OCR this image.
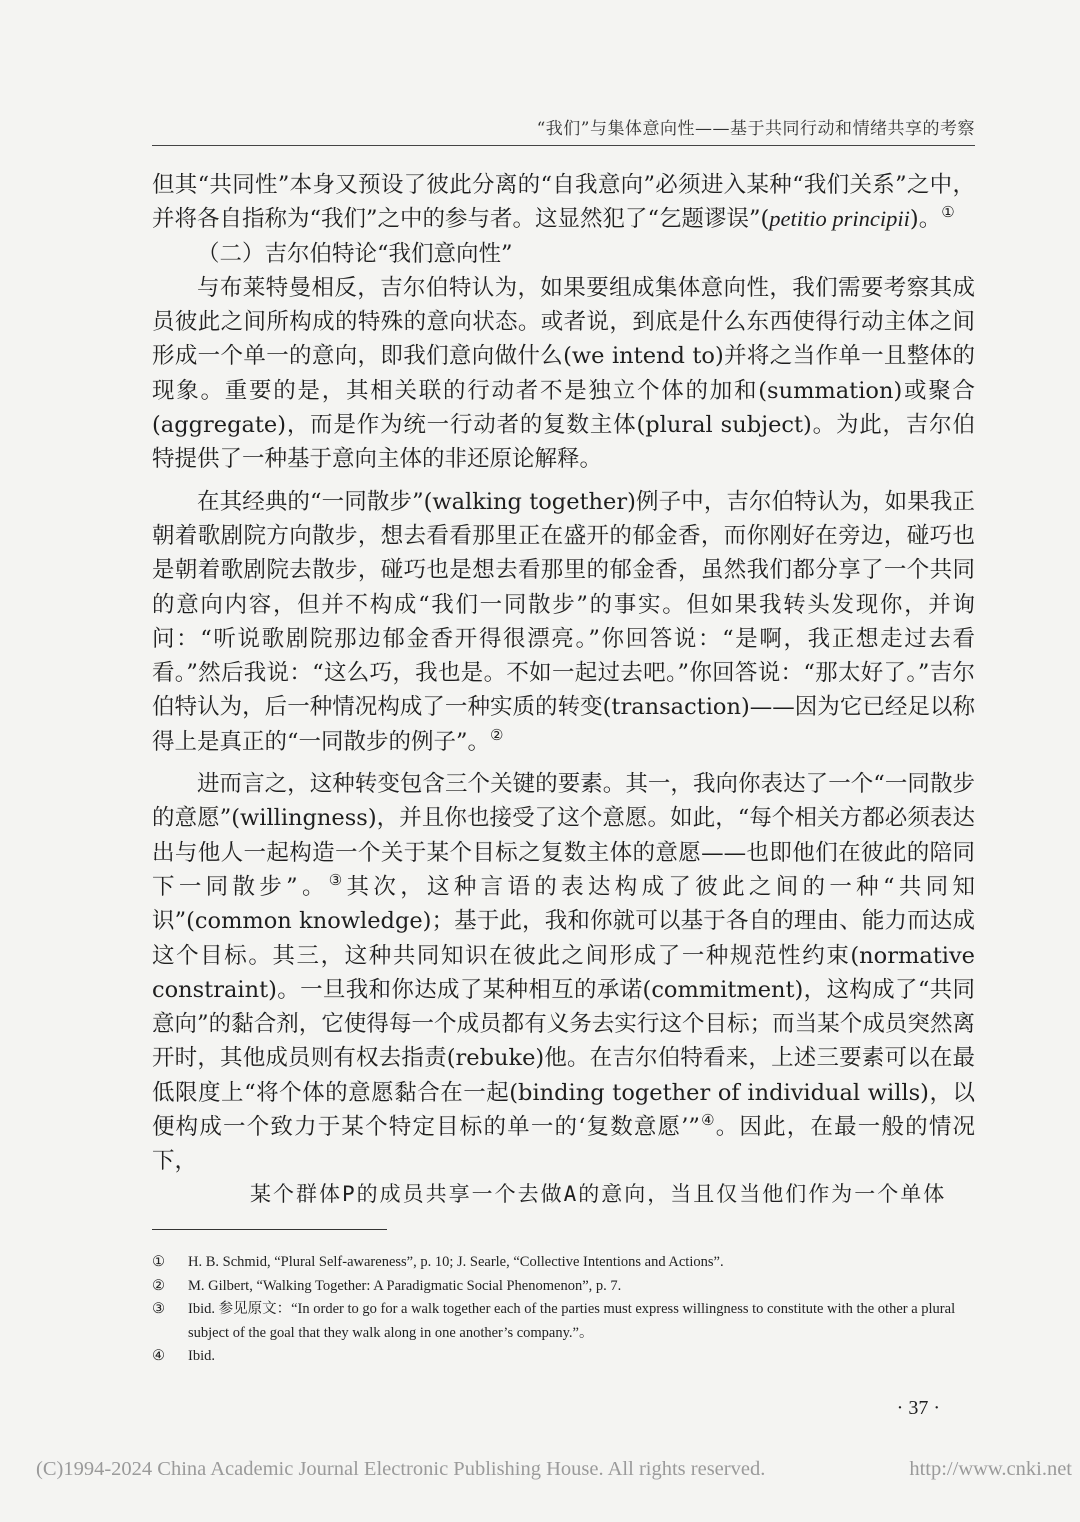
“我们”与集体意向性——基于共同行动和情绪共享的考察

但其“共同性”本身又预设了彼此分离的“自我意向”必须进入某种“我们关系”之中，并将各自指称为“我们”之中的参与者。这显然犯了“乞题谬误”(petitio principii)。①

（二）吉尔伯特论“我们意向性”

与布莱特曼相反，吉尔伯特认为，如果要组成集体意向性，我们需要考察其成员彼此之间所构成的特殊的意向状态。或者说，到底是什么东西使得行动主体之间形成一个单一的意向，即我们意向做什么(we intend to)并将之当作单一且整体的现象。重要的是，其相关联的行动者不是独立个体的加和(summation)或聚合(aggregate)，而是作为统一行动者的复数主体(plural subject)。为此，吉尔伯特提供了一种基于意向主体的非还原论解释。

在其经典的“一同散步”(walking together)例子中，吉尔伯特认为，如果我正朝着歌剧院方向散步，想去看看那里正在盛开的郁金香，而你刚好在旁边，碰巧也是朝着歌剧院去散步，碰巧也是想去看那里的郁金香，虽然我们都分享了一个共同的意向内容，但并不构成“我们一同散步”的事实。但如果我转头发现你，并询问：“听说歌剧院那边郁金香开得很漂亮。”你回答说：“是啊，我正想走过去看看。”然后我说：“这么巧，我也是。不如一起过去吧。”你回答说：“那太好了。”吉尔伯特认为，后一种情况构成了一种实质的转变(transaction)——因为它已经足以称得上是真正的“一同散步的例子”。②

进而言之，这种转变包含三个关键的要素。其一，我向你表达了一个“一同散步的意愿”(willingness)，并且你也接受了这个意愿。如此，“每个相关方都必须表达出与他人一起构造一个关于某个目标之复数主体的意愿——也即他们在彼此的陪同下一同散步”。③其次，这种言语的表达构成了彼此之间的一种“共同知识”(common knowledge)；基于此，我和你就可以基于各自的理由、能力而达成这个目标。其三，这种共同知识在彼此之间形成了一种规范性约束(normative constraint)。一旦我和你达成了某种相互的承诺(commitment)，这构成了“共同意向”的黏合剂，它使得每一个成员都有义务去实行这个目标；而当某个成员突然离开时，其他成员则有权去指责(rebuke)他。在吉尔伯特看来，上述三要素可以在最低限度上“将个体的意愿黏合在一起(binding together of individual wills)，以便构成一个致力于某个特定目标的单一的‘复数意愿’”④。因此，在最一般的情况下，

某个群体P的成员共享一个去做A的意向，当且仅当他们作为一个单体
①	H. B. Schmid, “Plural Self-awareness”, p. 10; J. Searle, “Collective Intentions and Actions”.
②	M. Gilbert, “Walking Together: A Paradigmatic Social Phenomenon”, p. 7.
③	Ibid. 参见原文：“In order to go for a walk together each of the parties must express willingness to constitute with the other a plural subject of the goal that they walk along in one another’s company.”。
④	Ibid.
· 37 ·
(C)1994-2024 China Academic Journal Electronic Publishing House. All rights reserved.	http://www.cnki.net
